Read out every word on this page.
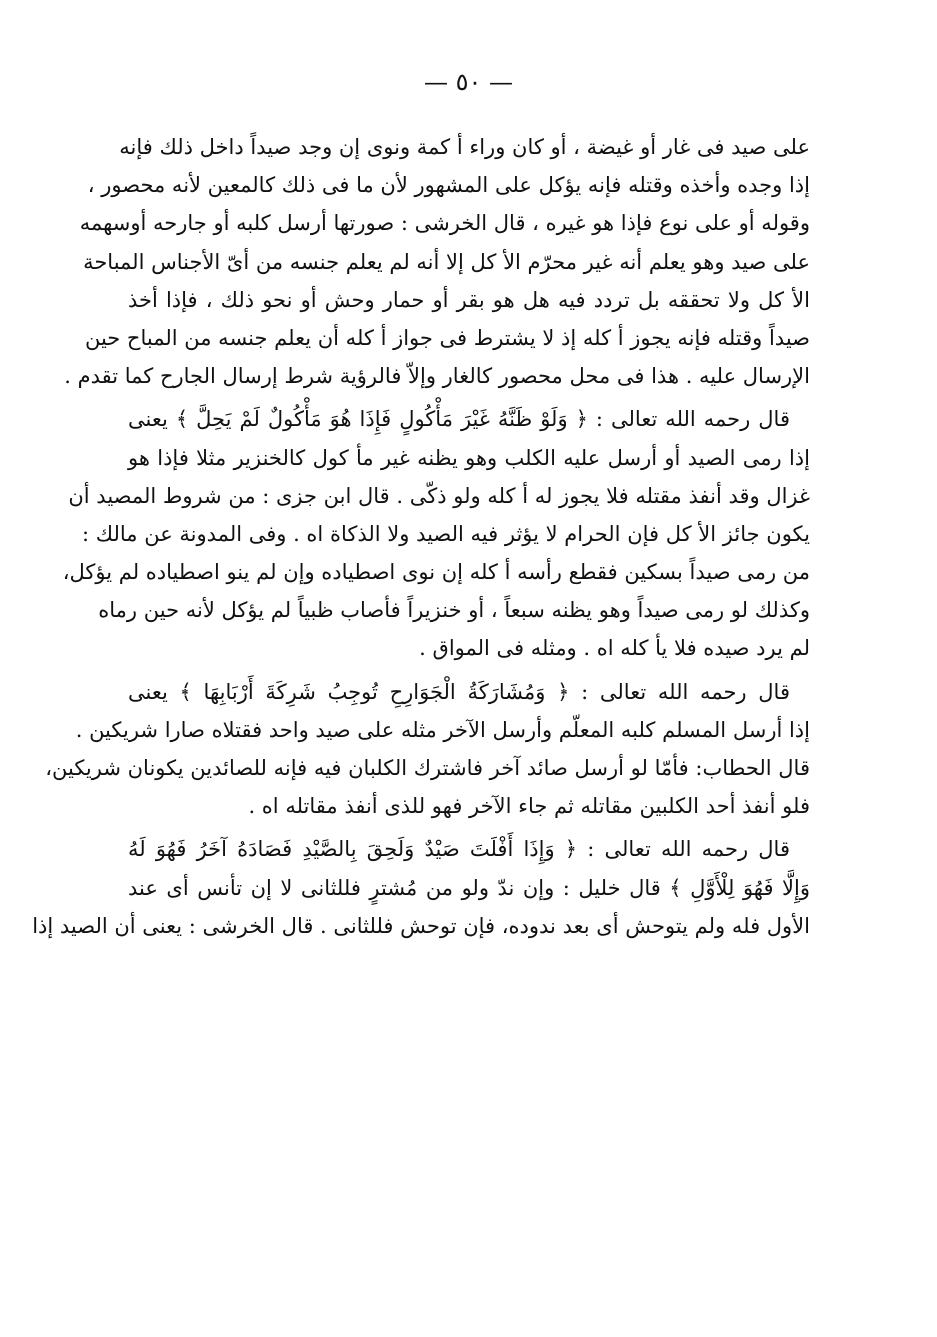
— ٥٠ —
على صيد فى غار أو غيضة ، أو كان وراء أ كمة ونوى إن وجد صيداً داخل ذلك فإنه
إذا وجده وأخذه وقتله فإنه يؤكل على المشهور لأن ما فى ذلك كالمعين لأنه محصور ،
وقوله أو على نوع فإذا هو غيره ، قال الخرشى : صورتها أرسل كلبه أو جارحه أوسهمه
على صيد وهو يعلم أنه غير محرّم الأ كل إلا أنه لم يعلم جنسه من أىّ الأجناس المباحة
الأ كل ولا تحققه بل تردد فيه هل هو بقر أو حمار وحش أو نحو ذلك ، فإذا أخذ
صيداً وقتله فإنه يجوز أ كله إذ لا يشترط فى جواز أ كله أن يعلم جنسه من المباح حين
الإرسال عليه . هذا فى محل محصور كالغار وإلاّ فالرؤية شرط إرسال الجارح كما تقدم .
قال رحمه الله تعالى : ﴿ وَلَوْ ظَنَّهُ غَيْرَ مَأْكُولٍ فَإِذَا هُوَ مَأْكُولٌ لَمْ يَحِلَّ ﴾ يعنى
إذا رمى الصيد أو أرسل عليه الكلب وهو يظنه غير مأ كول كالخنزير مثلا فإذا هو
غزال وقد أنفذ مقتله فلا يجوز له أ كله ولو ذكّى . قال ابن جزى : من شروط المصيد أن
يكون جائز الأ كل فإن الحرام لا يؤثر فيه الصيد ولا الذكاة اه . وفى المدونة عن مالك :
من رمى صيداً بسكين فقطع رأسه أ كله إن نوى اصطياده وإن لم ينو اصطياده لم يؤكل،
وكذلك لو رمى صيداً وهو يظنه سبعاً ، أو خنزيراً فأصاب ظبياً لم يؤكل لأنه حين رماه
لم يرد صيده فلا يأ كله اه . ومثله فى المواق .
قال رحمه الله تعالى : ﴿ وَمُشَارَكَةُ الْجَوَارِحِ تُوجِبُ شَرِكَةَ أَرْبَابِهَا ﴾ يعنى
إذا أرسل المسلم كلبه المعلّم وأرسل الآخر مثله على صيد واحد فقتلاه صارا شريكين .
قال الحطاب: فأمّا لو أرسل صائد آخر فاشترك الكلبان فيه فإنه للصائدين يكونان شريكين،
فلو أنفذ أحد الكلبين مقاتله ثم جاء الآخر فهو للذى أنفذ مقاتله اه .
قال رحمه الله تعالى : ﴿ وَإِذَا أَفْلَتَ صَيْدٌ وَلَحِقَ بِالصَّيْدِ فَصَادَهُ آخَرُ فَهُوَ لَهُ
وَإِلَّا فَهُوَ لِلْأَوَّلِ ﴾ قال خليل : وإن ندّ ولو من مُشترٍ فللثانى لا إن تأنس أى عند
الأول فله ولم يتوحش أى بعد ندوده، فإن توحش فللثانى . قال الخرشى : يعنى أن الصيد إذا
